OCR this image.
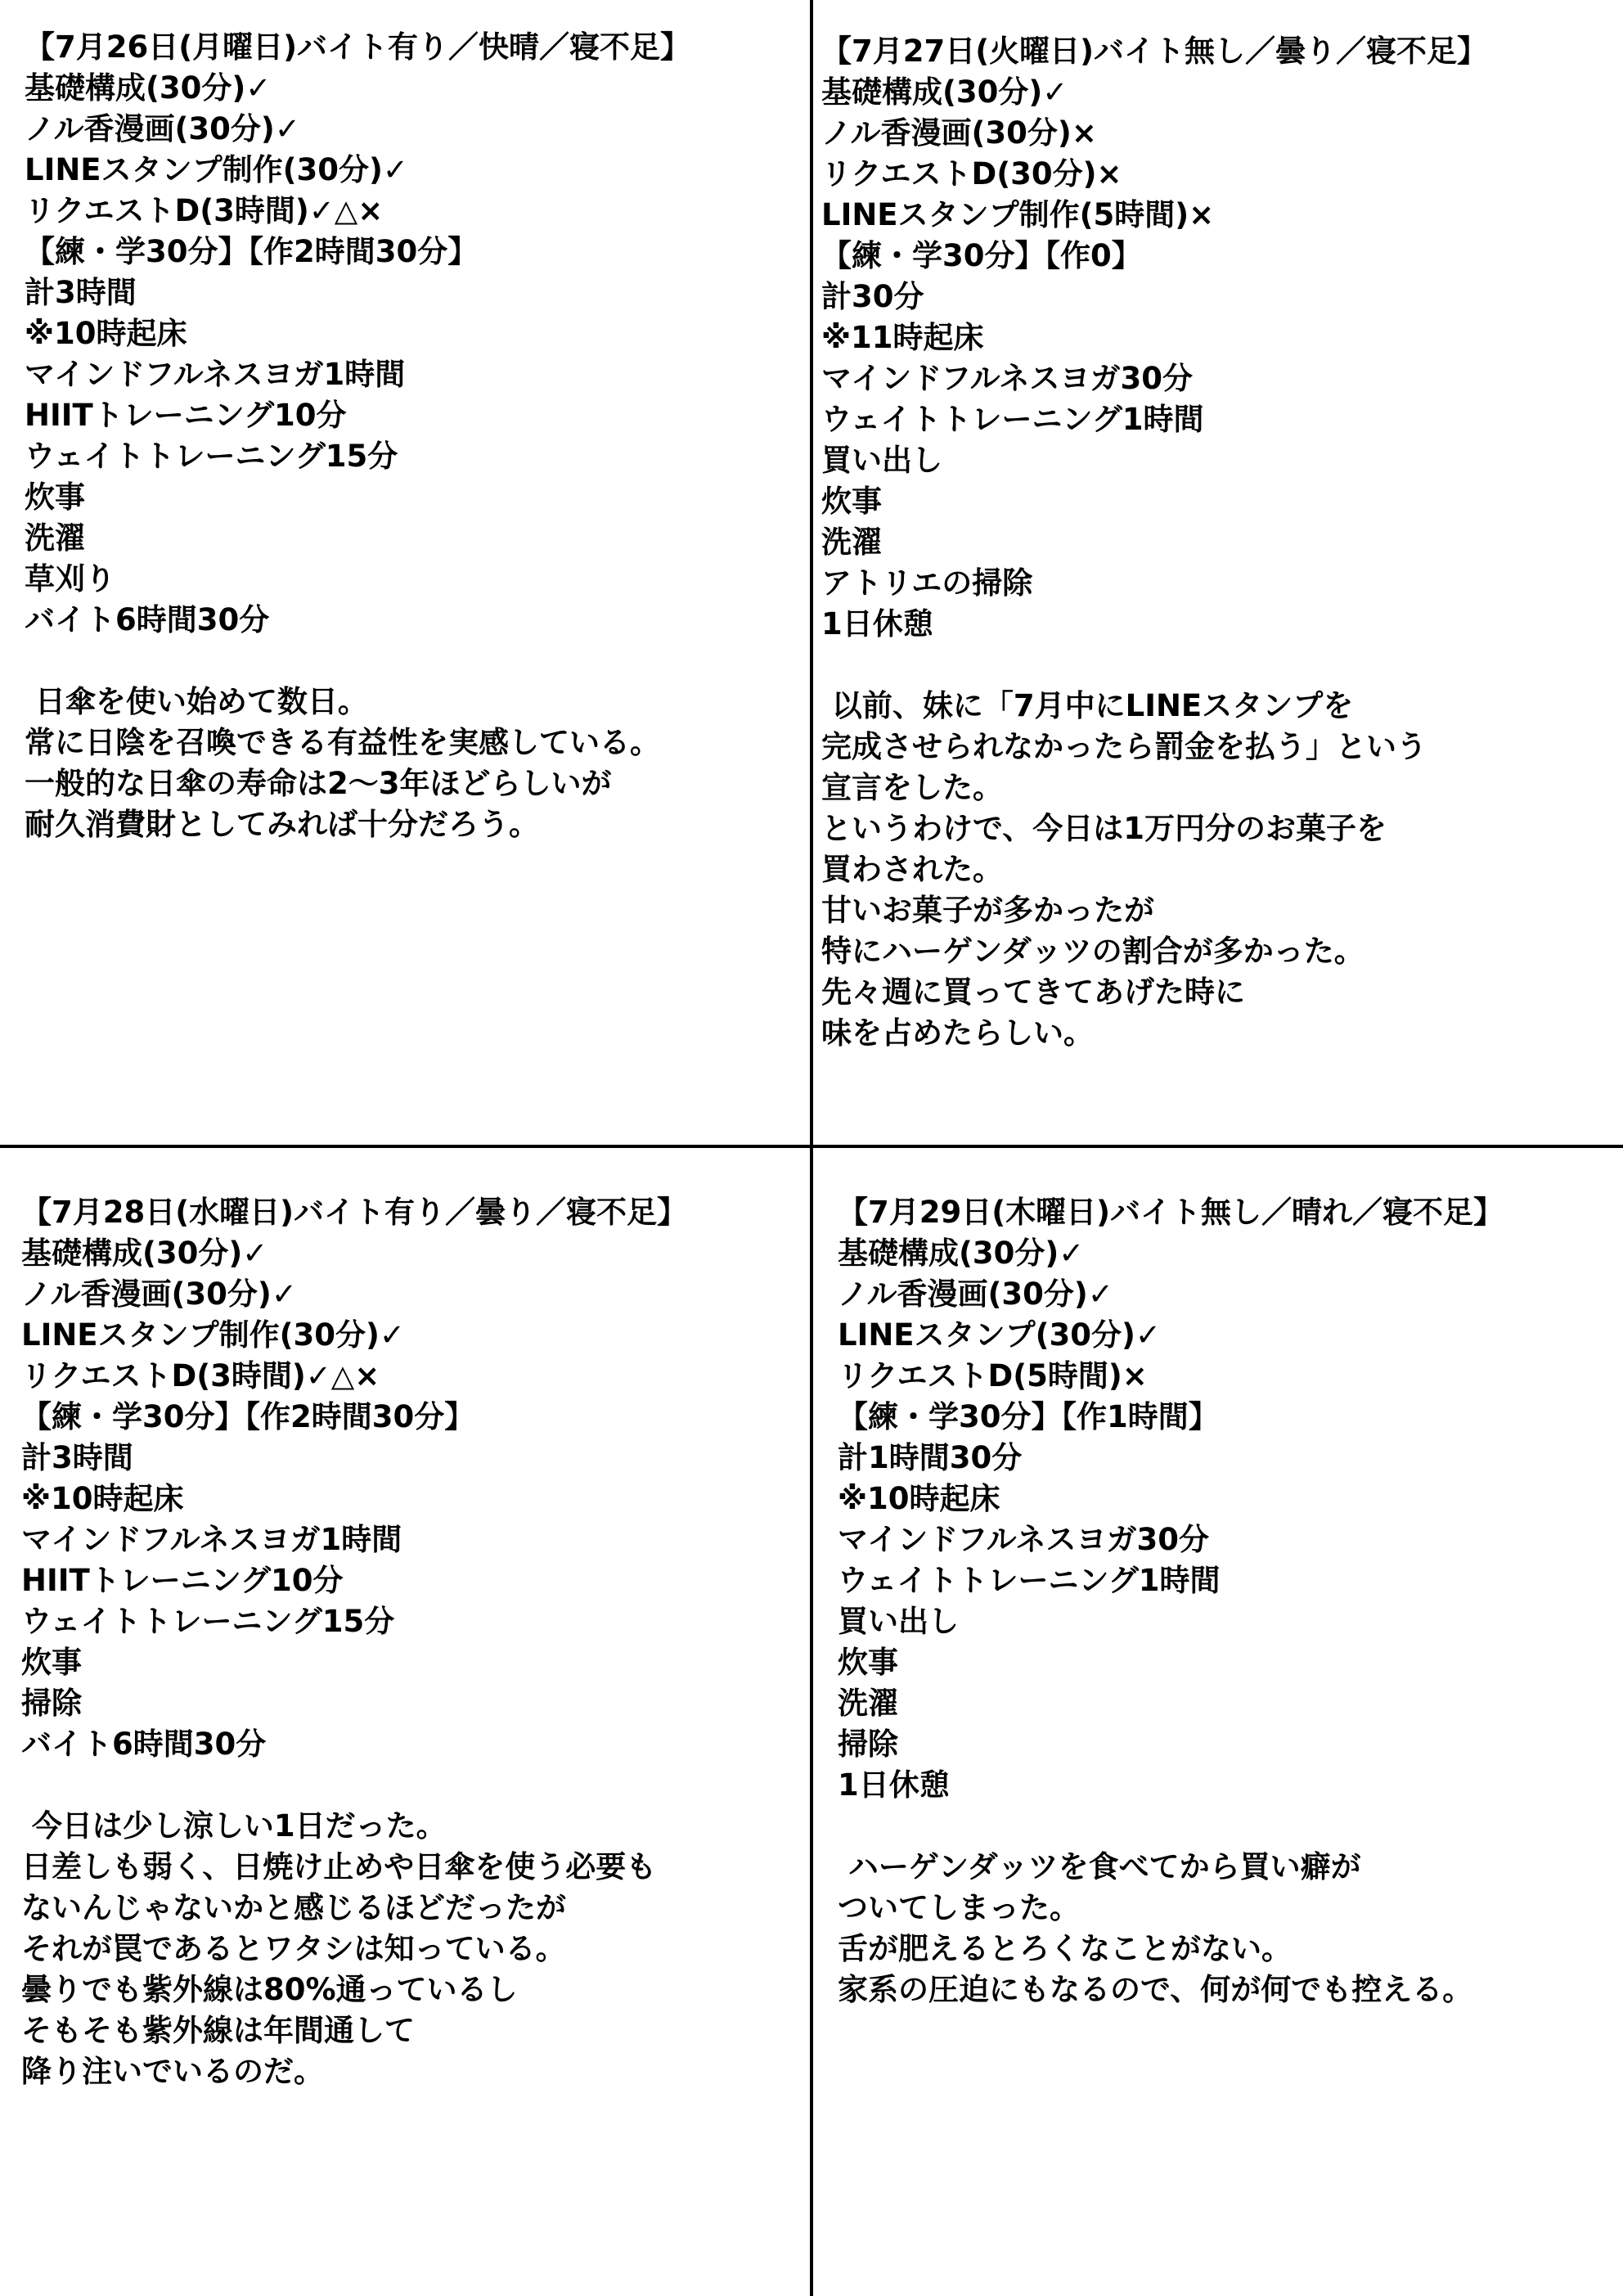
【7月26日(月曜日)バイト有り／快晴／寝不足】
基礎構成(30分)✓
ノル香漫画(30分)✓
LINEスタンプ制作(30分)✓
リクエストD(3時間)✓△×
【練・学30分】【作2時間30分】
計3時間
※10時起床
マインドフルネスヨガ1時間
HIITトレーニング10分
ウェイトトレーニング15分
炊事
洗濯
草刈り
バイト6時間30分
日傘を使い始めて数日。
常に日陰を召喚できる有益性を実感している。
一般的な日傘の寿命は2〜3年ほどらしいが
耐久消費財としてみれば十分だろう。
【7月27日(火曜日)バイト無し／曇り／寝不足】
基礎構成(30分)✓
ノル香漫画(30分)×
リクエストD(30分)×
LINEスタンプ制作(5時間)×
【練・学30分】【作0】
計30分
※11時起床
マインドフルネスヨガ30分
ウェイトトレーニング1時間
買い出し
炊事
洗濯
アトリエの掃除
1日休憩
以前、妹に「7月中にLINEスタンプを
完成させられなかったら罰金を払う」という
宣言をした。
というわけで、今日は1万円分のお菓子を
買わされた。
甘いお菓子が多かったが
特にハーゲンダッツの割合が多かった。
先々週に買ってきてあげた時に
味を占めたらしい。
【7月28日(水曜日)バイト有り／曇り／寝不足】
基礎構成(30分)✓
ノル香漫画(30分)✓
LINEスタンプ制作(30分)✓
リクエストD(3時間)✓△×
【練・学30分】【作2時間30分】
計3時間
※10時起床
マインドフルネスヨガ1時間
HIITトレーニング10分
ウェイトトレーニング15分
炊事
掃除
バイト6時間30分
今日は少し涼しい1日だった。
日差しも弱く、日焼け止めや日傘を使う必要も
ないんじゃないかと感じるほどだったが
それが罠であるとワタシは知っている。
曇りでも紫外線は80%通っているし
そもそも紫外線は年間通して
降り注いでいるのだ。
【7月29日(木曜日)バイト無し／晴れ／寝不足】
基礎構成(30分)✓
ノル香漫画(30分)✓
LINEスタンプ(30分)✓
リクエストD(5時間)×
【練・学30分】【作1時間】
計1時間30分
※10時起床
マインドフルネスヨガ30分
ウェイトトレーニング1時間
買い出し
炊事
洗濯
掃除
1日休憩
ハーゲンダッツを食べてから買い癖が
ついてしまった。
舌が肥えるとろくなことがない。
家系の圧迫にもなるので、何が何でも控える。
